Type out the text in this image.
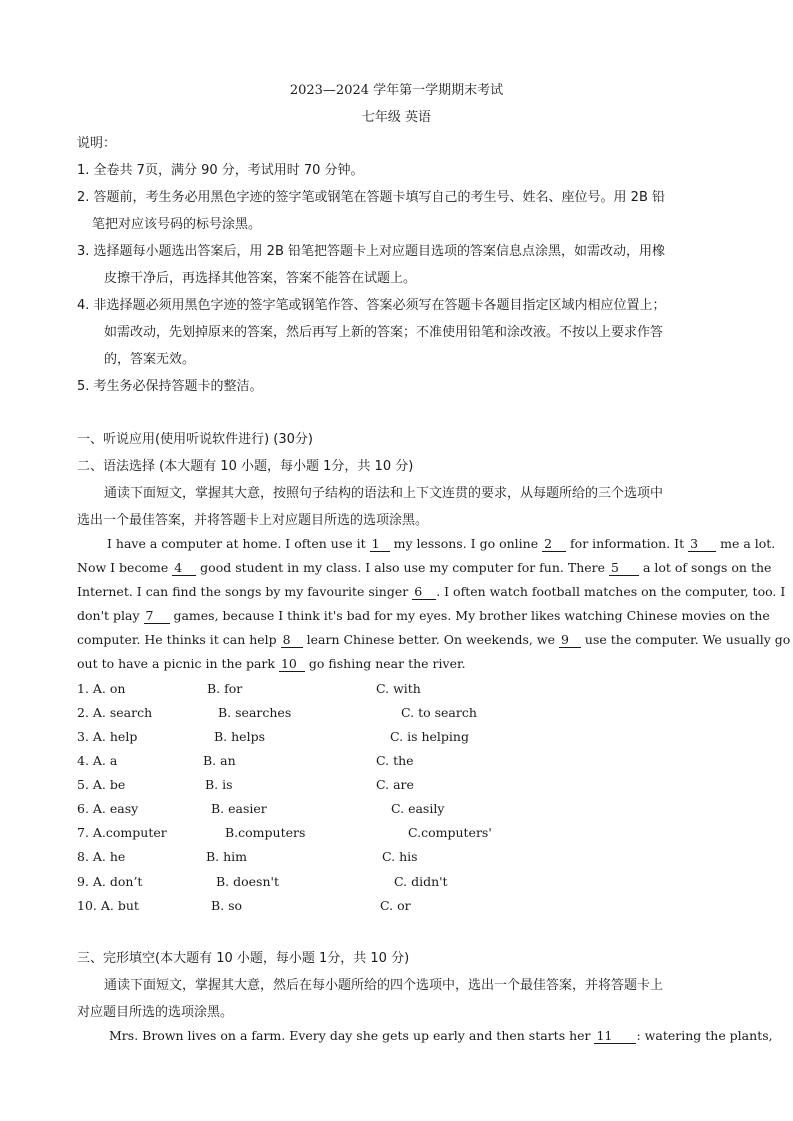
2023—2024 学年第一学期期末考试
七年级 英语
说明：
1. 全卷共 7页，满分 90 分，考试用时 70 分钟。
2. 答题前，考生务必用黑色字迹的签字笔或钢笔在答题卡填写自己的考生号、姓名、座位号。用 2B 铅
笔把对应该号码的标号涂黑。
3. 选择题每小题选出答案后，用 2B 铅笔把答题卡上对应题目选项的答案信息点涂黑，如需改动，用橡
皮擦干净后，再选择其他答案，答案不能答在试题上。
4. 非选择题必须用黑色字迹的签字笔或钢笔作答、答案必须写在答题卡各题目指定区域内相应位置上；
如需改动，先划掉原来的答案，然后再写上新的答案；不准使用铅笔和涂改液。不按以上要求作答
的，答案无效。
5. 考生务必保持答题卡的整洁。
一、听说应用(使用听说软件进行) (30分)
二、语法选择 (本大题有 10 小题，每小题 1分，共 10 分)
通读下面短文，掌握其大意，按照句子结构的语法和上下文连贯的要求，从每题所给的三个选项中
选出一个最佳答案，并将答题卡上对应题目所选的选项涂黑。

I have a computer at home. I often use it 1 my lessons. I go online 2 for information. It 3 me a lot.

Now I become 4 good student in my class. I also use my computer for fun. There 5 a lot of songs on the

Internet. I can find the songs by my favourite singer 6 . I often watch football matches on the computer, too. I

don't play 7 games, because I think it's bad for my eyes. My brother likes watching Chinese movies on the

computer. He thinks it can help 8 learn Chinese better. On weekends, we 9 use the computer. We usually go

out to have a picnic in the park 10 go fishing near the river.

1. A. on	B. for	C. with
2. A. search	B. searches	C. to search
3. A. help	B. helps	C. is helping
4. A. a	B. an	C. the
5. A. be	B. is	C. are
6. A. easy	B. easier	C. easily
7. A.computer	B.computers	C.computers'
8. A. he	B. him	C. his
9. A. don’t	B. doesn't	C. didn't
10. A. but	B. so	C. or
三、完形填空(本大题有 10 小题，每小题 1分，共 10 分)
通读下面短文，掌握其大意，然后在每小题所给的四个选项中，选出一个最佳答案，并将答题卡上
对应题目所选的选项涂黑。

Mrs. Brown lives on a farm. Every day she gets up early and then starts her 11 : watering the plants,
